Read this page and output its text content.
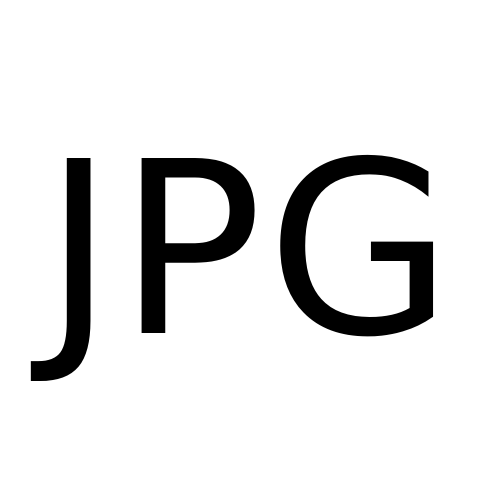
JPG
